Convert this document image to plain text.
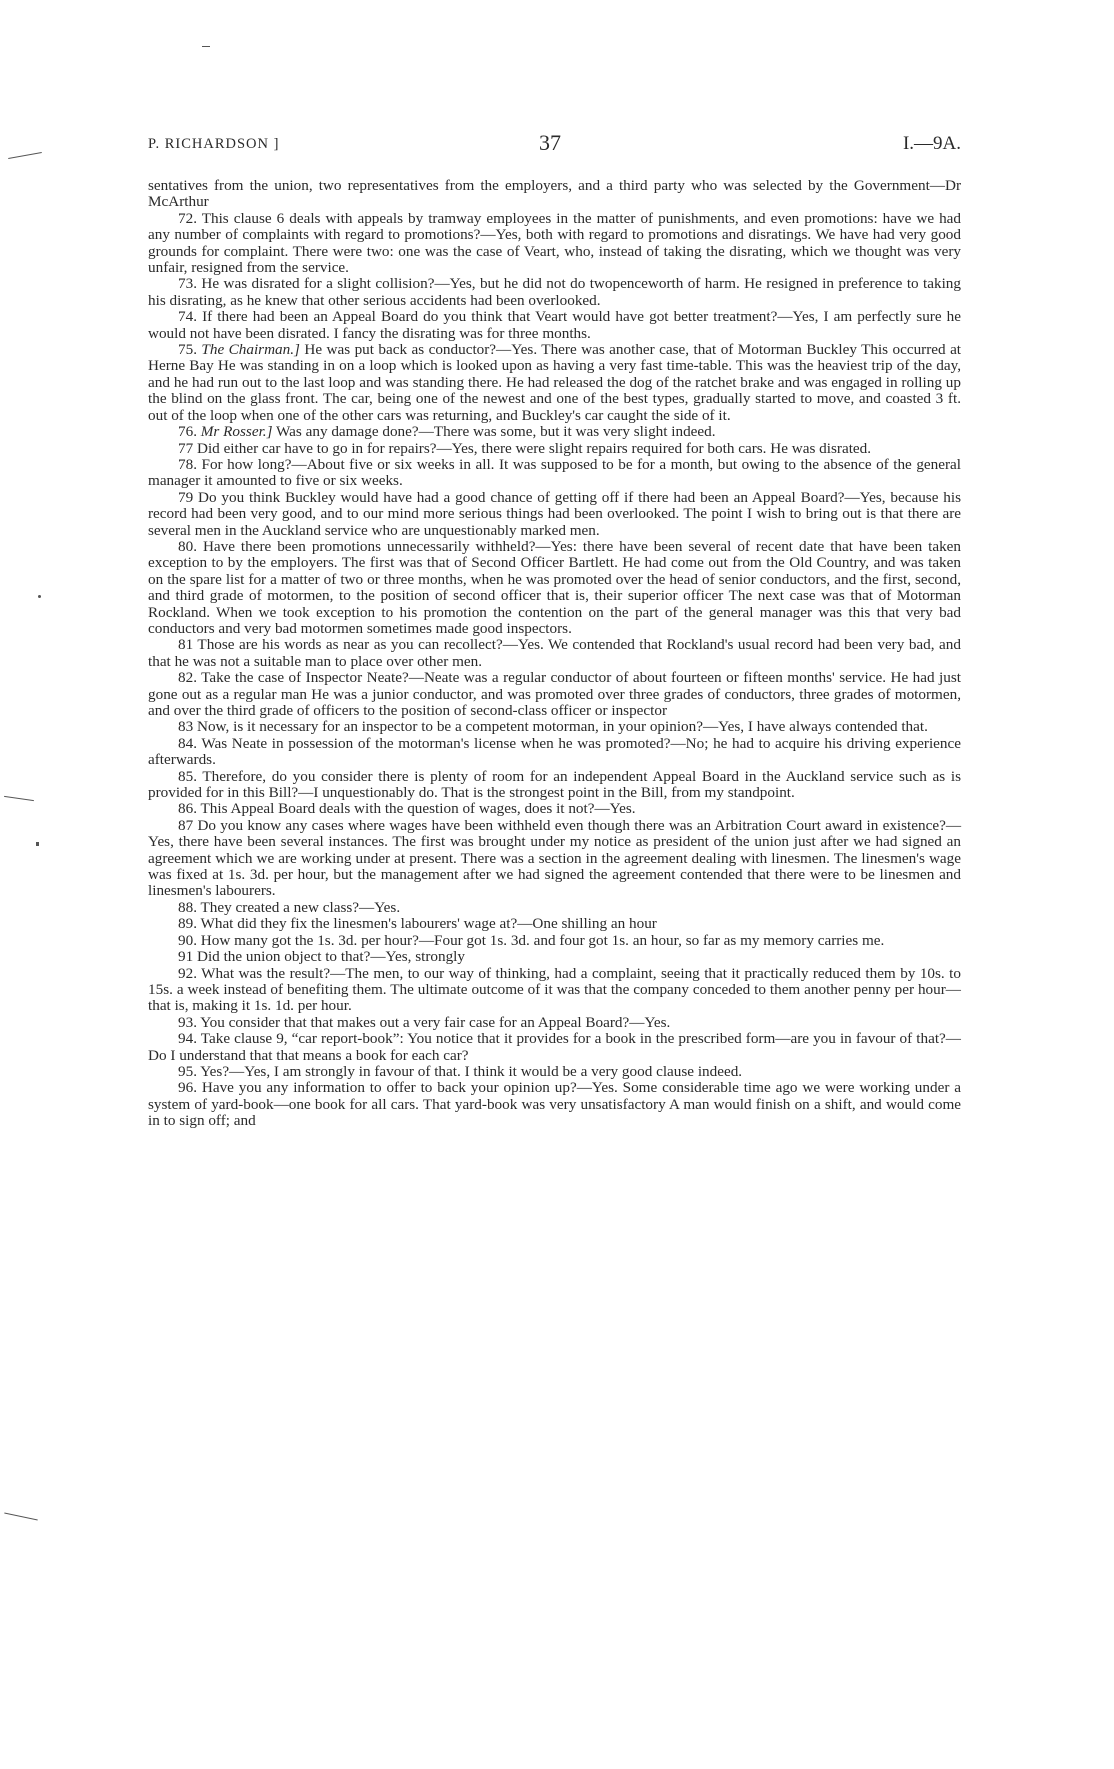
P. RICHARDSON ]	37	I.—9A.

sentatives from the union, two representatives from the employers, and a third party who was selected by the Government—Dr McArthur

72. This clause 6 deals with appeals by tramway employees in the matter of punishments, and even promotions: have we had any number of complaints with regard to promotions?—Yes, both with regard to promotions and disratings. We have had very good grounds for complaint. There were two: one was the case of Veart, who, instead of taking the disrating, which we thought was very unfair, resigned from the service.

73. He was disrated for a slight collision?—Yes, but he did not do twopenceworth of harm. He resigned in preference to taking his disrating, as he knew that other serious accidents had been overlooked.

74. If there had been an Appeal Board do you think that Veart would have got better treatment?—Yes, I am perfectly sure he would not have been disrated. I fancy the disrating was for three months.

75. The Chairman.] He was put back as conductor?—Yes. There was another case, that of Motorman Buckley This occurred at Herne Bay He was standing in on a loop which is looked upon as having a very fast time-table. This was the heaviest trip of the day, and he had run out to the last loop and was standing there. He had released the dog of the ratchet brake and was engaged in rolling up the blind on the glass front. The car, being one of the newest and one of the best types, gradually started to move, and coasted 3 ft. out of the loop when one of the other cars was returning, and Buckley's car caught the side of it.

76. Mr Rosser.] Was any damage done?—There was some, but it was very slight indeed.

77 Did either car have to go in for repairs?—Yes, there were slight repairs required for both cars. He was disrated.

78. For how long?—About five or six weeks in all. It was supposed to be for a month, but owing to the absence of the general manager it amounted to five or six weeks.

79 Do you think Buckley would have had a good chance of getting off if there had been an Appeal Board?—Yes, because his record had been very good, and to our mind more serious things had been overlooked. The point I wish to bring out is that there are several men in the Auckland service who are unquestionably marked men.

80. Have there been promotions unnecessarily withheld?—Yes: there have been several of recent date that have been taken exception to by the employers. The first was that of Second Officer Bartlett. He had come out from the Old Country, and was taken on the spare list for a matter of two or three months, when he was promoted over the head of senior conductors, and the first, second, and third grade of motormen, to the position of second officer that is, their superior officer The next case was that of Motorman Rockland. When we took exception to his promotion the contention on the part of the general manager was this that very bad conductors and very bad motormen sometimes made good inspectors.

81 Those are his words as near as you can recollect?—Yes. We contended that Rockland's usual record had been very bad, and that he was not a suitable man to place over other men.

82. Take the case of Inspector Neate?—Neate was a regular conductor of about fourteen or fifteen months' service. He had just gone out as a regular man He was a junior conductor, and was promoted over three grades of conductors, three grades of motormen, and over the third grade of officers to the position of second-class officer or inspector

83 Now, is it necessary for an inspector to be a competent motorman, in your opinion?—Yes, I have always contended that.

84. Was Neate in possession of the motorman's license when he was promoted?—No; he had to acquire his driving experience afterwards.

85. Therefore, do you consider there is plenty of room for an independent Appeal Board in the Auckland service such as is provided for in this Bill?—I unquestionably do. That is the strongest point in the Bill, from my standpoint.

86. This Appeal Board deals with the question of wages, does it not?—Yes.

87 Do you know any cases where wages have been withheld even though there was an Arbitration Court award in existence?—Yes, there have been several instances. The first was brought under my notice as president of the union just after we had signed an agreement which we are working under at present. There was a section in the agreement dealing with linesmen. The linesmen's wage was fixed at 1s. 3d. per hour, but the management after we had signed the agreement contended that there were to be linesmen and linesmen's labourers.

88. They created a new class?—Yes.

89. What did they fix the linesmen's labourers' wage at?—One shilling an hour

90. How many got the 1s. 3d. per hour?—Four got 1s. 3d. and four got 1s. an hour, so far as my memory carries me.

91 Did the union object to that?—Yes, strongly

92. What was the result?—The men, to our way of thinking, had a complaint, seeing that it practically reduced them by 10s. to 15s. a week instead of benefiting them. The ultimate outcome of it was that the company conceded to them another penny per hour—that is, making it 1s. 1d. per hour.

93. You consider that that makes out a very fair case for an Appeal Board?—Yes.

94. Take clause 9, “car report-book”: You notice that it provides for a book in the prescribed form—are you in favour of that?—Do I understand that that means a book for each car?

95. Yes?—Yes, I am strongly in favour of that. I think it would be a very good clause indeed.

96. Have you any information to offer to back your opinion up?—Yes. Some considerable time ago we were working under a system of yard-book—one book for all cars. That yard-book was very unsatisfactory A man would finish on a shift, and would come in to sign off; and
